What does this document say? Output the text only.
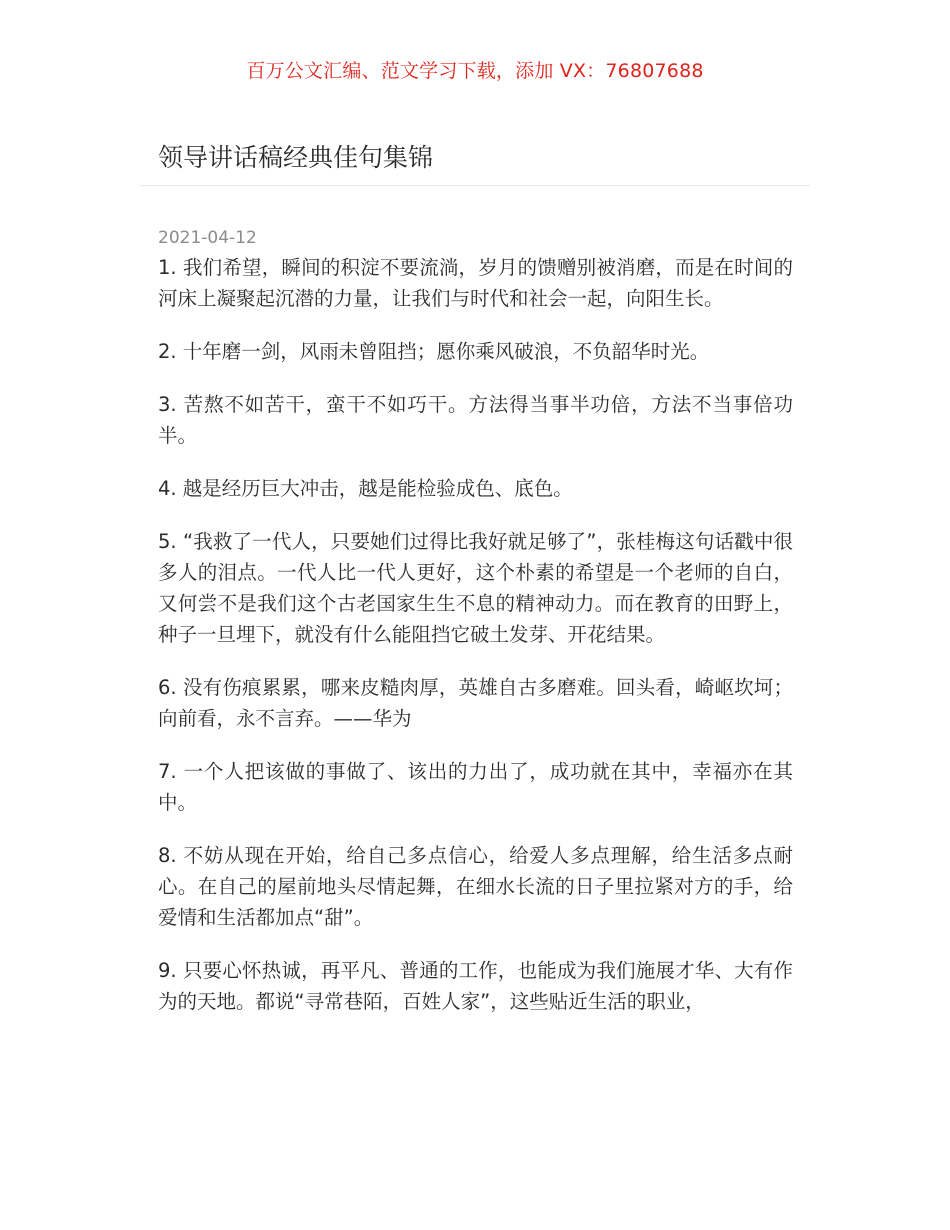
百万公文汇编、范文学习下载，添加 VX：76807688
领导讲话稿经典佳句集锦
2021-04-12

1. 我们希望，瞬间的积淀不要流淌，岁月的馈赠别被消磨，而是在时间的河床上凝聚起沉潜的力量，让我们与时代和社会一起，向阳生长。

2. 十年磨一剑，风雨未曾阻挡；愿你乘风破浪，不负韶华时光。

3. 苦熬不如苦干，蛮干不如巧干。方法得当事半功倍，方法不当事倍功半。

4. 越是经历巨大冲击，越是能检验成色、底色。

5. “我救了一代人，只要她们过得比我好就足够了”，张桂梅这句话戳中很多人的泪点。一代人比一代人更好，这个朴素的希望是一个老师的自白，又何尝不是我们这个古老国家生生不息的精神动力。而在教育的田野上，种子一旦埋下，就没有什么能阻挡它破土发芽、开花结果。

6. 没有伤痕累累，哪来皮糙肉厚，英雄自古多磨难。回头看，崎岖坎坷；向前看，永不言弃。——华为

7. 一个人把该做的事做了、该出的力出了，成功就在其中，幸福亦在其中。

8. 不妨从现在开始，给自己多点信心，给爱人多点理解，给生活多点耐心。在自己的屋前地头尽情起舞，在细水长流的日子里拉紧对方的手，给爱情和生活都加点“甜”。

9. 只要心怀热诚，再平凡、普通的工作，也能成为我们施展才华、大有作为的天地。都说“寻常巷陌，百姓人家”，这些贴近生活的职业，
